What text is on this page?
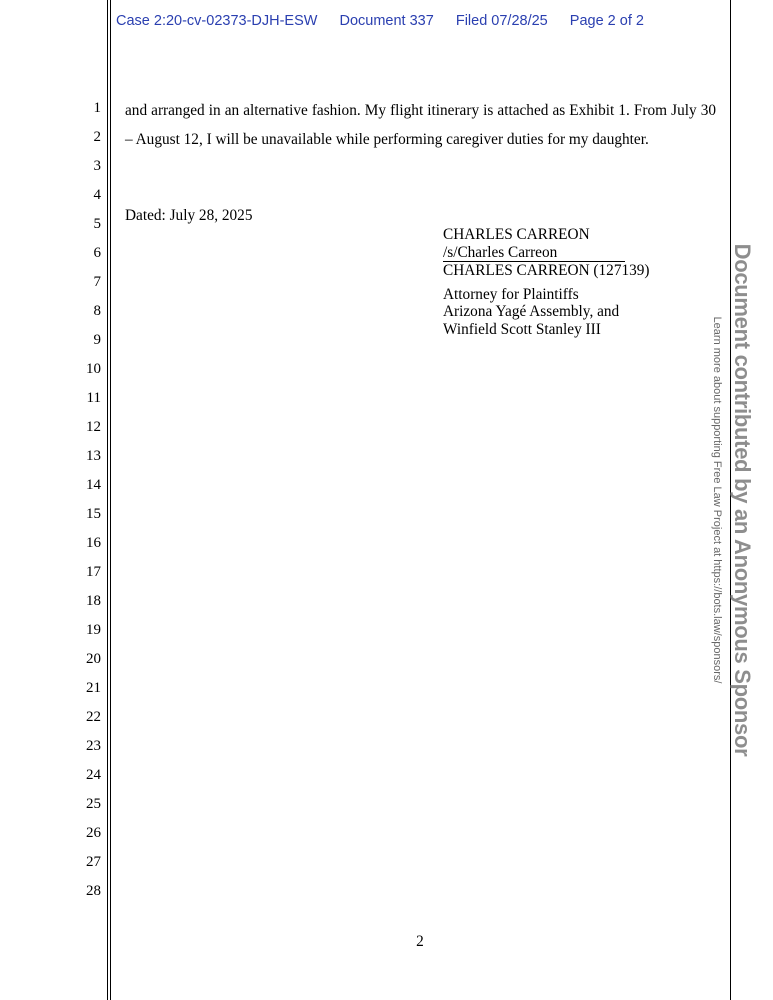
Case 2:20-cv-02373-DJH-ESW Document 337 Filed 07/28/25 Page 2 of 2
1
2
3
4
5
6
7
8
9
10
11
12
13
14
15
16
17
18
19
20
21
22
23
24
25
26
27
28

and arranged in an alternative fashion. My flight itinerary is attached as Exhibit 1. From July 30 – August 12, I will be unavailable while performing caregiver duties for my daughter.

Dated: July 28, 2025
CHARLES CARREON
/s/Charles Carreon
CHARLES CARREON (127139)
Attorney for Plaintiffs
Arizona Yagé Assembly, and
Winfield Scott Stanley III
2
Document contributed by an Anonymous Sponsor
Learn more about supporting Free Law Project at https://bots.law/sponsors/
